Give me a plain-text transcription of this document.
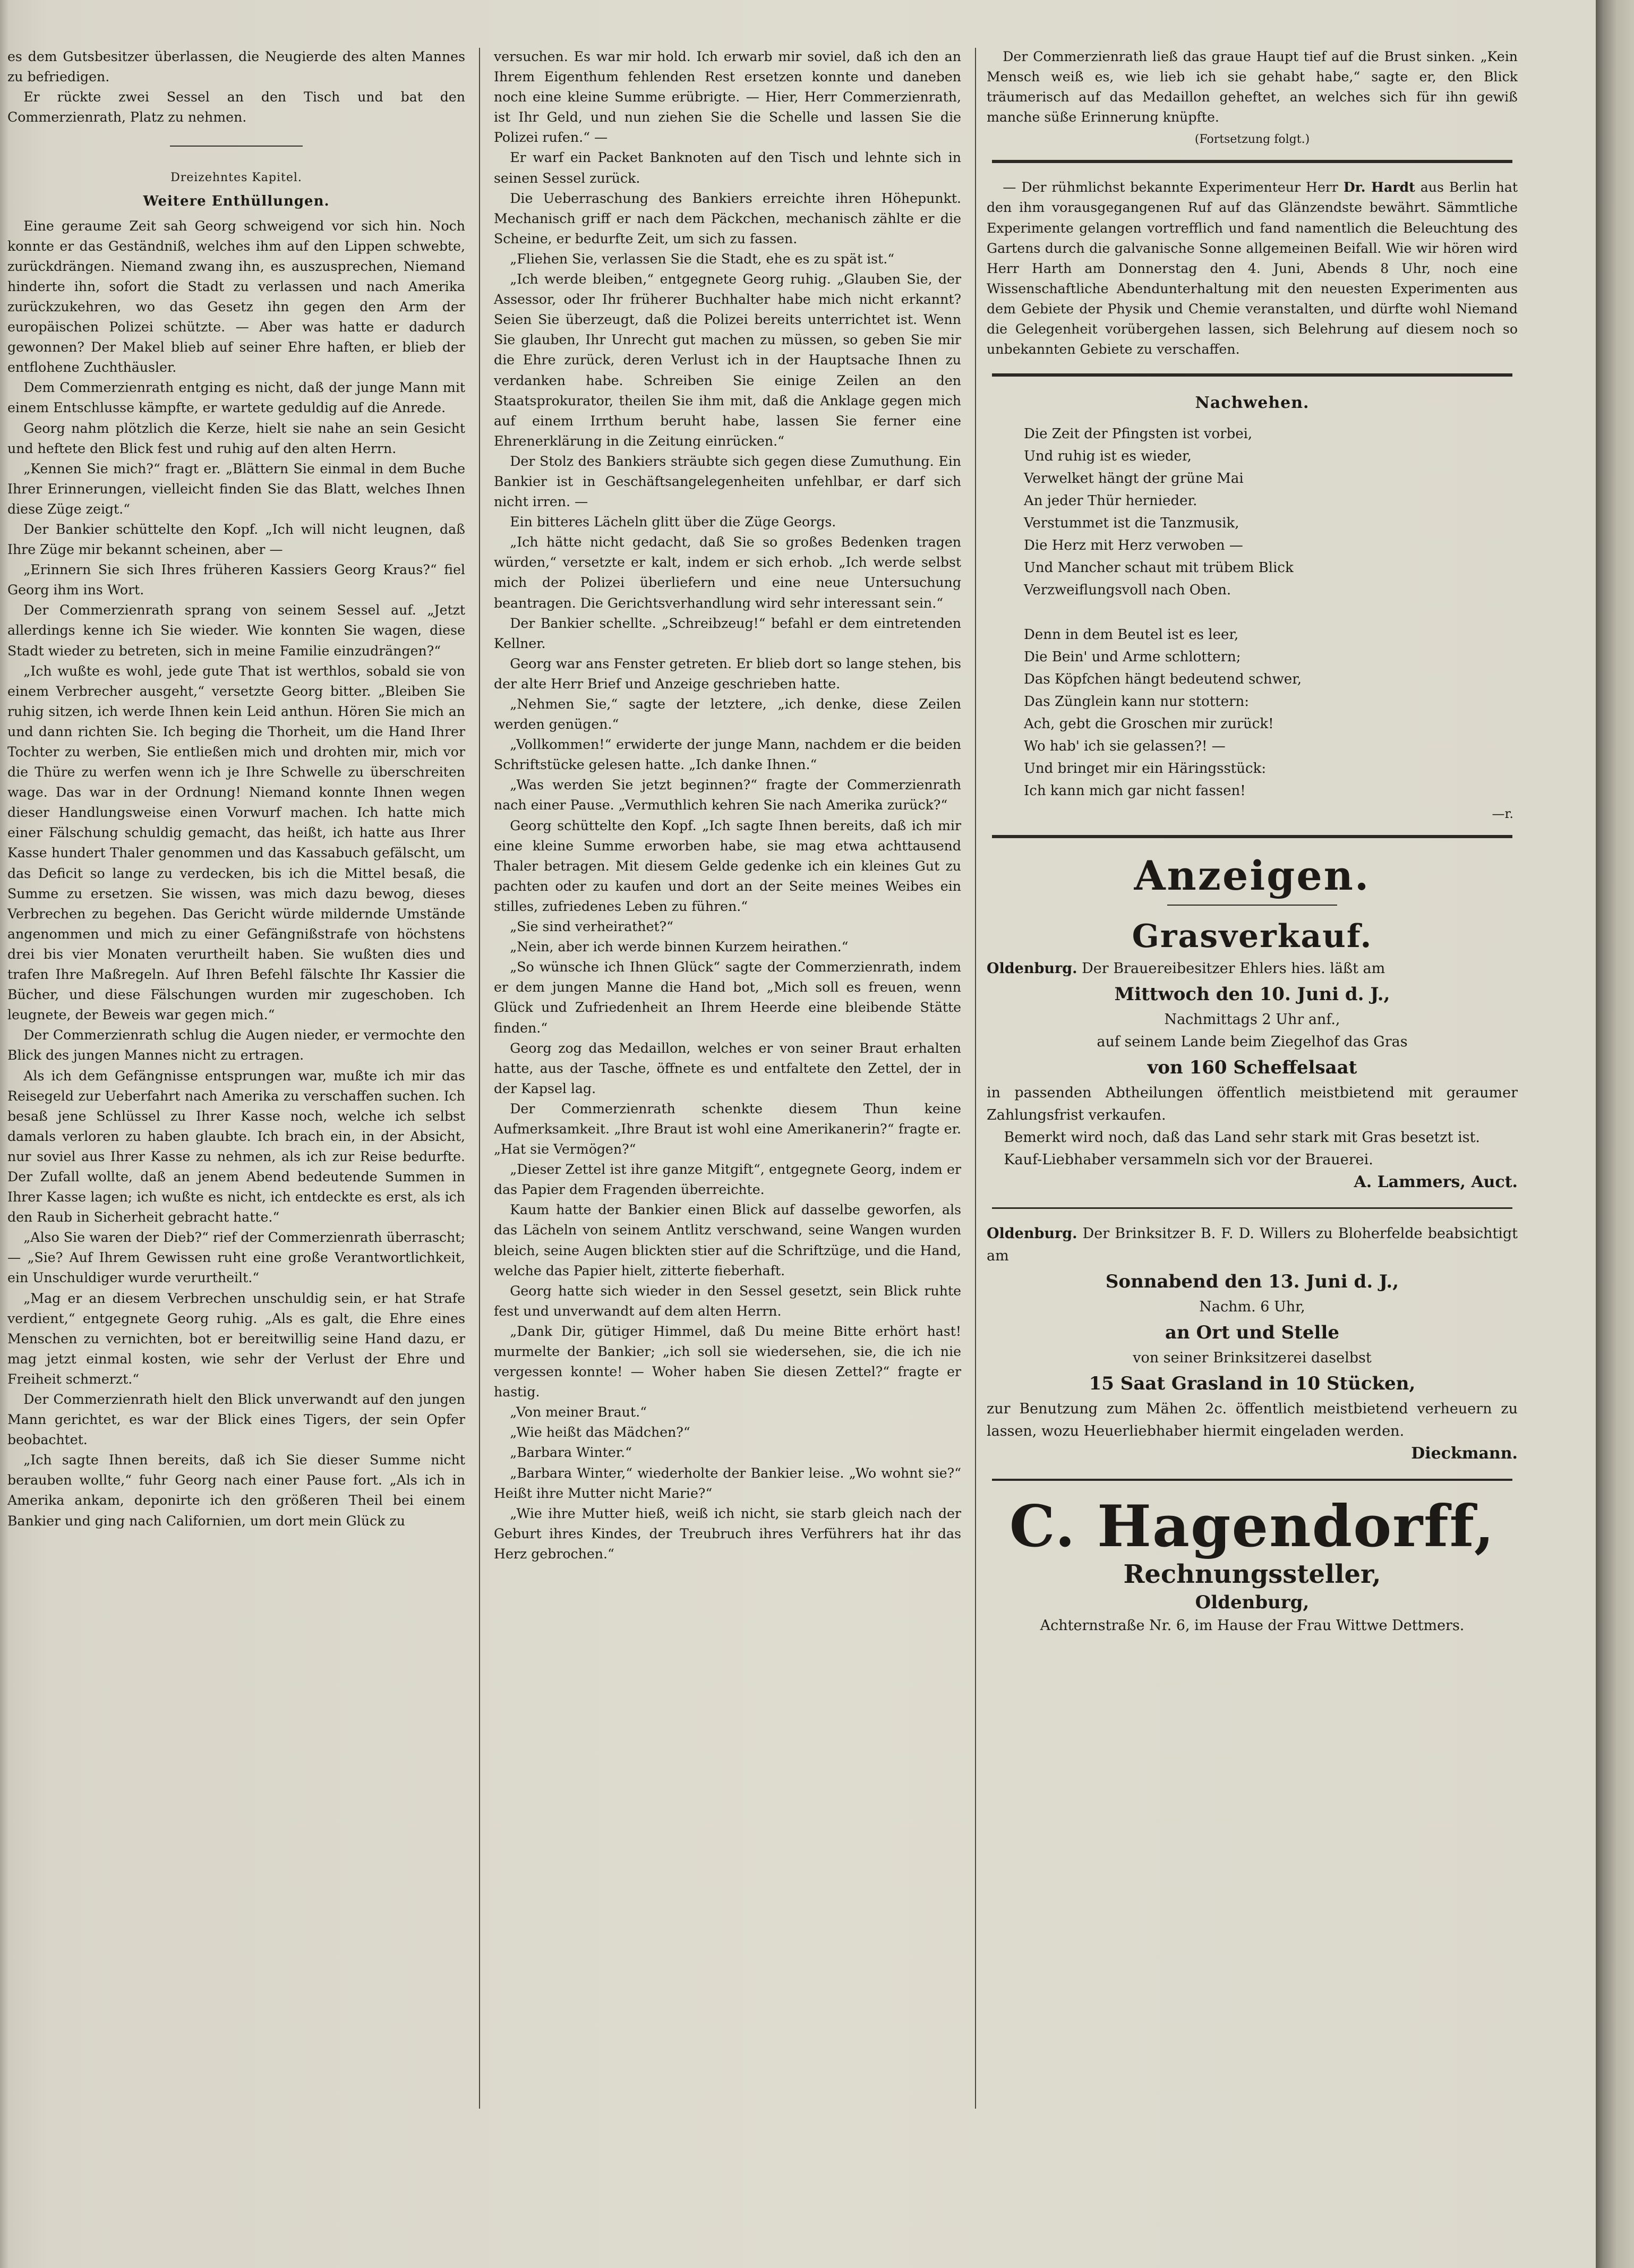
es dem Gutsbesitzer überlassen, die Neugierde des alten Mannes zu befriedigen.

Er rückte zwei Sessel an den Tisch und bat den Commerzienrath, Platz zu nehmen.

Dreizehntes Kapitel.
Weitere Enthüllungen.

Eine geraume Zeit sah Georg schweigend vor sich hin. Noch konnte er das Geständniß, welches ihm auf den Lippen schwebte, zurückdrängen. Niemand zwang ihn, es auszusprechen, Niemand hinderte ihn, sofort die Stadt zu verlassen und nach Amerika zurückzukehren, wo das Gesetz ihn gegen den Arm der europäischen Polizei schützte. — Aber was hatte er dadurch gewonnen? Der Makel blieb auf seiner Ehre haften, er blieb der entflohene Zuchthäusler.

Dem Commerzienrath entging es nicht, daß der junge Mann mit einem Entschlusse kämpfte, er wartete geduldig auf die Anrede.

Georg nahm plötzlich die Kerze, hielt sie nahe an sein Gesicht und heftete den Blick fest und ruhig auf den alten Herrn.

„Kennen Sie mich?“ fragt er. „Blättern Sie einmal in dem Buche Ihrer Erinnerungen, vielleicht finden Sie das Blatt, welches Ihnen diese Züge zeigt.“

Der Bankier schüttelte den Kopf. „Ich will nicht leugnen, daß Ihre Züge mir bekannt scheinen, aber —

„Erinnern Sie sich Ihres früheren Kassiers Georg Kraus?“ fiel Georg ihm ins Wort.

Der Commerzienrath sprang von seinem Sessel auf. „Jetzt allerdings kenne ich Sie wieder. Wie konnten Sie wagen, diese Stadt wieder zu betreten, sich in meine Familie einzudrängen?“

„Ich wußte es wohl, jede gute That ist werthlos, sobald sie von einem Verbrecher ausgeht,“ versetzte Georg bitter. „Bleiben Sie ruhig sitzen, ich werde Ihnen kein Leid anthun. Hören Sie mich an und dann richten Sie. Ich beging die Thorheit, um die Hand Ihrer Tochter zu werben, Sie entließen mich und drohten mir, mich vor die Thüre zu werfen wenn ich je Ihre Schwelle zu überschreiten wage. Das war in der Ordnung! Niemand konnte Ihnen wegen dieser Handlungsweise einen Vorwurf machen. Ich hatte mich einer Fälschung schuldig gemacht, das heißt, ich hatte aus Ihrer Kasse hundert Thaler genommen und das Kassabuch gefälscht, um das Deficit so lange zu verdecken, bis ich die Mittel besaß, die Summe zu ersetzen. Sie wissen, was mich dazu bewog, dieses Verbrechen zu begehen. Das Gericht würde mildernde Umstände angenommen und mich zu einer Gefängnißstrafe von höchstens drei bis vier Monaten verurtheilt haben. Sie wußten dies und trafen Ihre Maßregeln. Auf Ihren Befehl fälschte Ihr Kassier die Bücher, und diese Fälschungen wurden mir zugeschoben. Ich leugnete, der Beweis war gegen mich.“

Der Commerzienrath schlug die Augen nieder, er vermochte den Blick des jungen Mannes nicht zu ertragen.

Als ich dem Gefängnisse entsprungen war, mußte ich mir das Reisegeld zur Ueberfahrt nach Amerika zu verschaffen suchen. Ich besaß jene Schlüssel zu Ihrer Kasse noch, welche ich selbst damals verloren zu haben glaubte. Ich brach ein, in der Absicht, nur soviel aus Ihrer Kasse zu nehmen, als ich zur Reise bedurfte. Der Zufall wollte, daß an jenem Abend bedeutende Summen in Ihrer Kasse lagen; ich wußte es nicht, ich entdeckte es erst, als ich den Raub in Sicherheit gebracht hatte.“

„Also Sie waren der Dieb?“ rief der Commerzienrath überrascht; — „Sie? Auf Ihrem Gewissen ruht eine große Verantwortlichkeit, ein Unschuldiger wurde verurtheilt.“

„Mag er an diesem Verbrechen unschuldig sein, er hat Strafe verdient,“ entgegnete Georg ruhig. „Als es galt, die Ehre eines Menschen zu vernichten, bot er bereitwillig seine Hand dazu, er mag jetzt einmal kosten, wie sehr der Verlust der Ehre und Freiheit schmerzt.“

Der Commerzienrath hielt den Blick unverwandt auf den jungen Mann gerichtet, es war der Blick eines Tigers, der sein Opfer beobachtet.

„Ich sagte Ihnen bereits, daß ich Sie dieser Summe nicht berauben wollte,“ fuhr Georg nach einer Pause fort. „Als ich in Amerika ankam, deponirte ich den größeren Theil bei einem Bankier und ging nach Californien, um dort mein Glück zu

versuchen. Es war mir hold. Ich erwarb mir soviel, daß ich den an Ihrem Eigenthum fehlenden Rest ersetzen konnte und daneben noch eine kleine Summe erübrigte. — Hier, Herr Commerzienrath, ist Ihr Geld, und nun ziehen Sie die Schelle und lassen Sie die Polizei rufen.“ —

Er warf ein Packet Banknoten auf den Tisch und lehnte sich in seinen Sessel zurück.

Die Ueberraschung des Bankiers erreichte ihren Höhepunkt. Mechanisch griff er nach dem Päckchen, mechanisch zählte er die Scheine, er bedurfte Zeit, um sich zu fassen.

„Fliehen Sie, verlassen Sie die Stadt, ehe es zu spät ist.“

„Ich werde bleiben,“ entgegnete Georg ruhig. „Glauben Sie, der Assessor, oder Ihr früherer Buchhalter habe mich nicht erkannt? Seien Sie überzeugt, daß die Polizei bereits unterrichtet ist. Wenn Sie glauben, Ihr Unrecht gut machen zu müssen, so geben Sie mir die Ehre zurück, deren Verlust ich in der Hauptsache Ihnen zu verdanken habe. Schreiben Sie einige Zeilen an den Staatsprokurator, theilen Sie ihm mit, daß die Anklage gegen mich auf einem Irrthum beruht habe, lassen Sie ferner eine Ehrenerklärung in die Zeitung einrücken.“

Der Stolz des Bankiers sträubte sich gegen diese Zumuthung. Ein Bankier ist in Geschäftsangelegenheiten unfehlbar, er darf sich nicht irren. —

Ein bitteres Lächeln glitt über die Züge Georgs.

„Ich hätte nicht gedacht, daß Sie so großes Bedenken tragen würden,“ versetzte er kalt, indem er sich erhob. „Ich werde selbst mich der Polizei überliefern und eine neue Untersuchung beantragen. Die Gerichtsverhandlung wird sehr interessant sein.“

Der Bankier schellte. „Schreibzeug!“ befahl er dem eintretenden Kellner.

Georg war ans Fenster getreten. Er blieb dort so lange stehen, bis der alte Herr Brief und Anzeige geschrieben hatte.

„Nehmen Sie,“ sagte der letztere, „ich denke, diese Zeilen werden genügen.“

„Vollkommen!“ erwiderte der junge Mann, nachdem er die beiden Schriftstücke gelesen hatte. „Ich danke Ihnen.“

„Was werden Sie jetzt beginnen?“ fragte der Commerzienrath nach einer Pause. „Vermuthlich kehren Sie nach Amerika zurück?“

Georg schüttelte den Kopf. „Ich sagte Ihnen bereits, daß ich mir eine kleine Summe erworben habe, sie mag etwa achttausend Thaler betragen. Mit diesem Gelde gedenke ich ein kleines Gut zu pachten oder zu kaufen und dort an der Seite meines Weibes ein stilles, zufriedenes Leben zu führen.“

„Sie sind verheirathet?“

„Nein, aber ich werde binnen Kurzem heirathen.“

„So wünsche ich Ihnen Glück“ sagte der Commerzienrath, indem er dem jungen Manne die Hand bot, „Mich soll es freuen, wenn Glück und Zufriedenheit an Ihrem Heerde eine bleibende Stätte finden.“

Georg zog das Medaillon, welches er von seiner Braut erhalten hatte, aus der Tasche, öffnete es und entfaltete den Zettel, der in der Kapsel lag.

Der Commerzienrath schenkte diesem Thun keine Aufmerksamkeit. „Ihre Braut ist wohl eine Amerikanerin?“ fragte er. „Hat sie Vermögen?“

„Dieser Zettel ist ihre ganze Mitgift“, entgegnete Georg, indem er das Papier dem Fragenden überreichte.

Kaum hatte der Bankier einen Blick auf dasselbe geworfen, als das Lächeln von seinem Antlitz verschwand, seine Wangen wurden bleich, seine Augen blickten stier auf die Schriftzüge, und die Hand, welche das Papier hielt, zitterte fieberhaft.

Georg hatte sich wieder in den Sessel gesetzt, sein Blick ruhte fest und unverwandt auf dem alten Herrn.

„Dank Dir, gütiger Himmel, daß Du meine Bitte erhört hast! murmelte der Bankier; „ich soll sie wiedersehen, sie, die ich nie vergessen konnte! — Woher haben Sie diesen Zettel?“ fragte er hastig.

„Von meiner Braut.“

„Wie heißt das Mädchen?“

„Barbara Winter.“

„Barbara Winter,“ wiederholte der Bankier leise. „Wo wohnt sie?“ Heißt ihre Mutter nicht Marie?“

„Wie ihre Mutter hieß, weiß ich nicht, sie starb gleich nach der Geburt ihres Kindes, der Treubruch ihres Verführers hat ihr das Herz gebrochen.“

Der Commerzienrath ließ das graue Haupt tief auf die Brust sinken. „Kein Mensch weiß es, wie lieb ich sie gehabt habe,“ sagte er, den Blick träumerisch auf das Medaillon geheftet, an welches sich für ihn gewiß manche süße Erinnerung knüpfte.

(Fortsetzung folgt.)

— Der rühmlichst bekannte Experimenteur Herr Dr. Hardt aus Berlin hat den ihm vorausgegangenen Ruf auf das Glänzendste bewährt. Sämmtliche Experimente gelangen vortrefflich und fand namentlich die Beleuchtung des Gartens durch die galvanische Sonne allgemeinen Beifall. Wie wir hören wird Herr Harth am Donnerstag den 4. Juni, Abends 8 Uhr, noch eine Wissenschaftliche Abendunterhaltung mit den neuesten Experimenten aus dem Gebiete der Physik und Chemie veranstalten, und dürfte wohl Niemand die Gelegenheit vorübergehen lassen, sich Belehrung auf diesem noch so unbekannten Gebiete zu verschaffen.

Nachwehen.
Die Zeit der Pfingsten ist vorbei,
Und ruhig ist es wieder,
Verwelket hängt der grüne Mai
An jeder Thür hernieder.
Verstummet ist die Tanzmusik,
Die Herz mit Herz verwoben —
Und Mancher schaut mit trübem Blick
Verzweiflungsvoll nach Oben.
Denn in dem Beutel ist es leer,
Die Bein' und Arme schlottern;
Das Köpfchen hängt bedeutend schwer,
Das Zünglein kann nur stottern:
Ach, gebt die Groschen mir zurück!
Wo hab' ich sie gelassen?! —
Und bringet mir ein Häringsstück:
Ich kann mich gar nicht fassen!
—r.
Anzeigen.
Grasverkauf.
Oldenburg. Der Brauereibesitzer Ehlers hies. läßt am
Mittwoch den 10. Juni d. J.,
Nachmittags 2 Uhr anf.,
auf seinem Lande beim Ziegelhof das Gras
von 160 Scheffelsaat
in passenden Abtheilungen öffentlich meistbietend mit geraumer Zahlungsfrist verkaufen.
Bemerkt wird noch, daß das Land sehr stark mit Gras besetzt ist.
Kauf-Liebhaber versammeln sich vor der Brauerei.
A. Lammers, Auct.
Oldenburg. Der Brinksitzer B. F. D. Willers zu Bloherfelde beabsichtigt am
Sonnabend den 13. Juni d. J.,
Nachm. 6 Uhr,
an Ort und Stelle
von seiner Brinksitzerei daselbst
15 Saat Grasland in 10 Stücken,
zur Benutzung zum Mähen 2c. öffentlich meistbietend verheuern zu lassen, wozu Heuerliebhaber hiermit eingeladen werden.
Dieckmann.
C. Hagendorff,
Rechnungssteller,
Oldenburg,
Achternstraße Nr. 6, im Hause der Frau Wittwe Dettmers.
